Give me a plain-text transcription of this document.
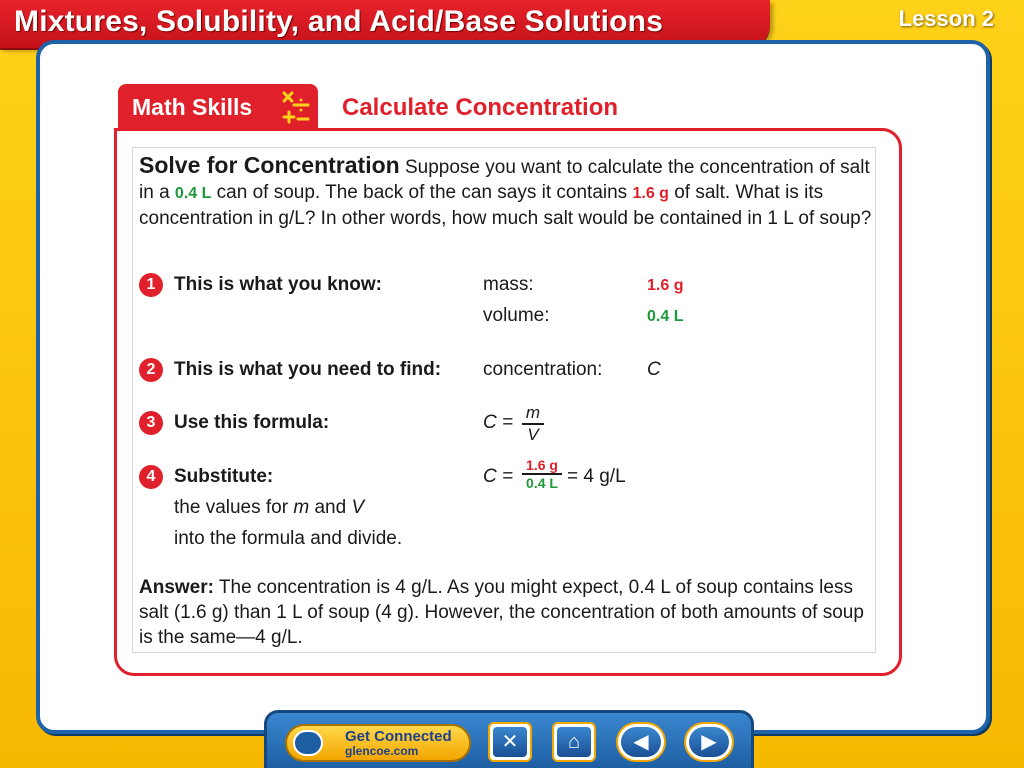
Mixtures, Solubility, and Acid/Base Solutions	Lesson 2
Math Skills	Calculate Concentration
Solve for Concentration Suppose you want to calculate the concentration of salt in a 0.4 L can of soup. The back of the can says it contains 1.6 g of salt. What is its concentration in g/L? In other words, how much salt would be contained in 1 L of soup?
1 This is what you know:	mass:	1.6 g
volume:	0.4 L
2 This is what you need to find: concentration: C
3 Use this formula:	C = m
V
4 Substitute:
the values for m and V
into the formula and divide.
C =
1.6 g
0.4 L = 4 g/L
Answer: The concentration is 4 g/L. As you might expect, 0.4 L of soup contains less salt (1.6 g) than 1 L of soup (4 g). However, the concentration of both amounts of soup is the same—4 g/L.
Get Connected
glencoe.com	✕	⌂	◀	▶
